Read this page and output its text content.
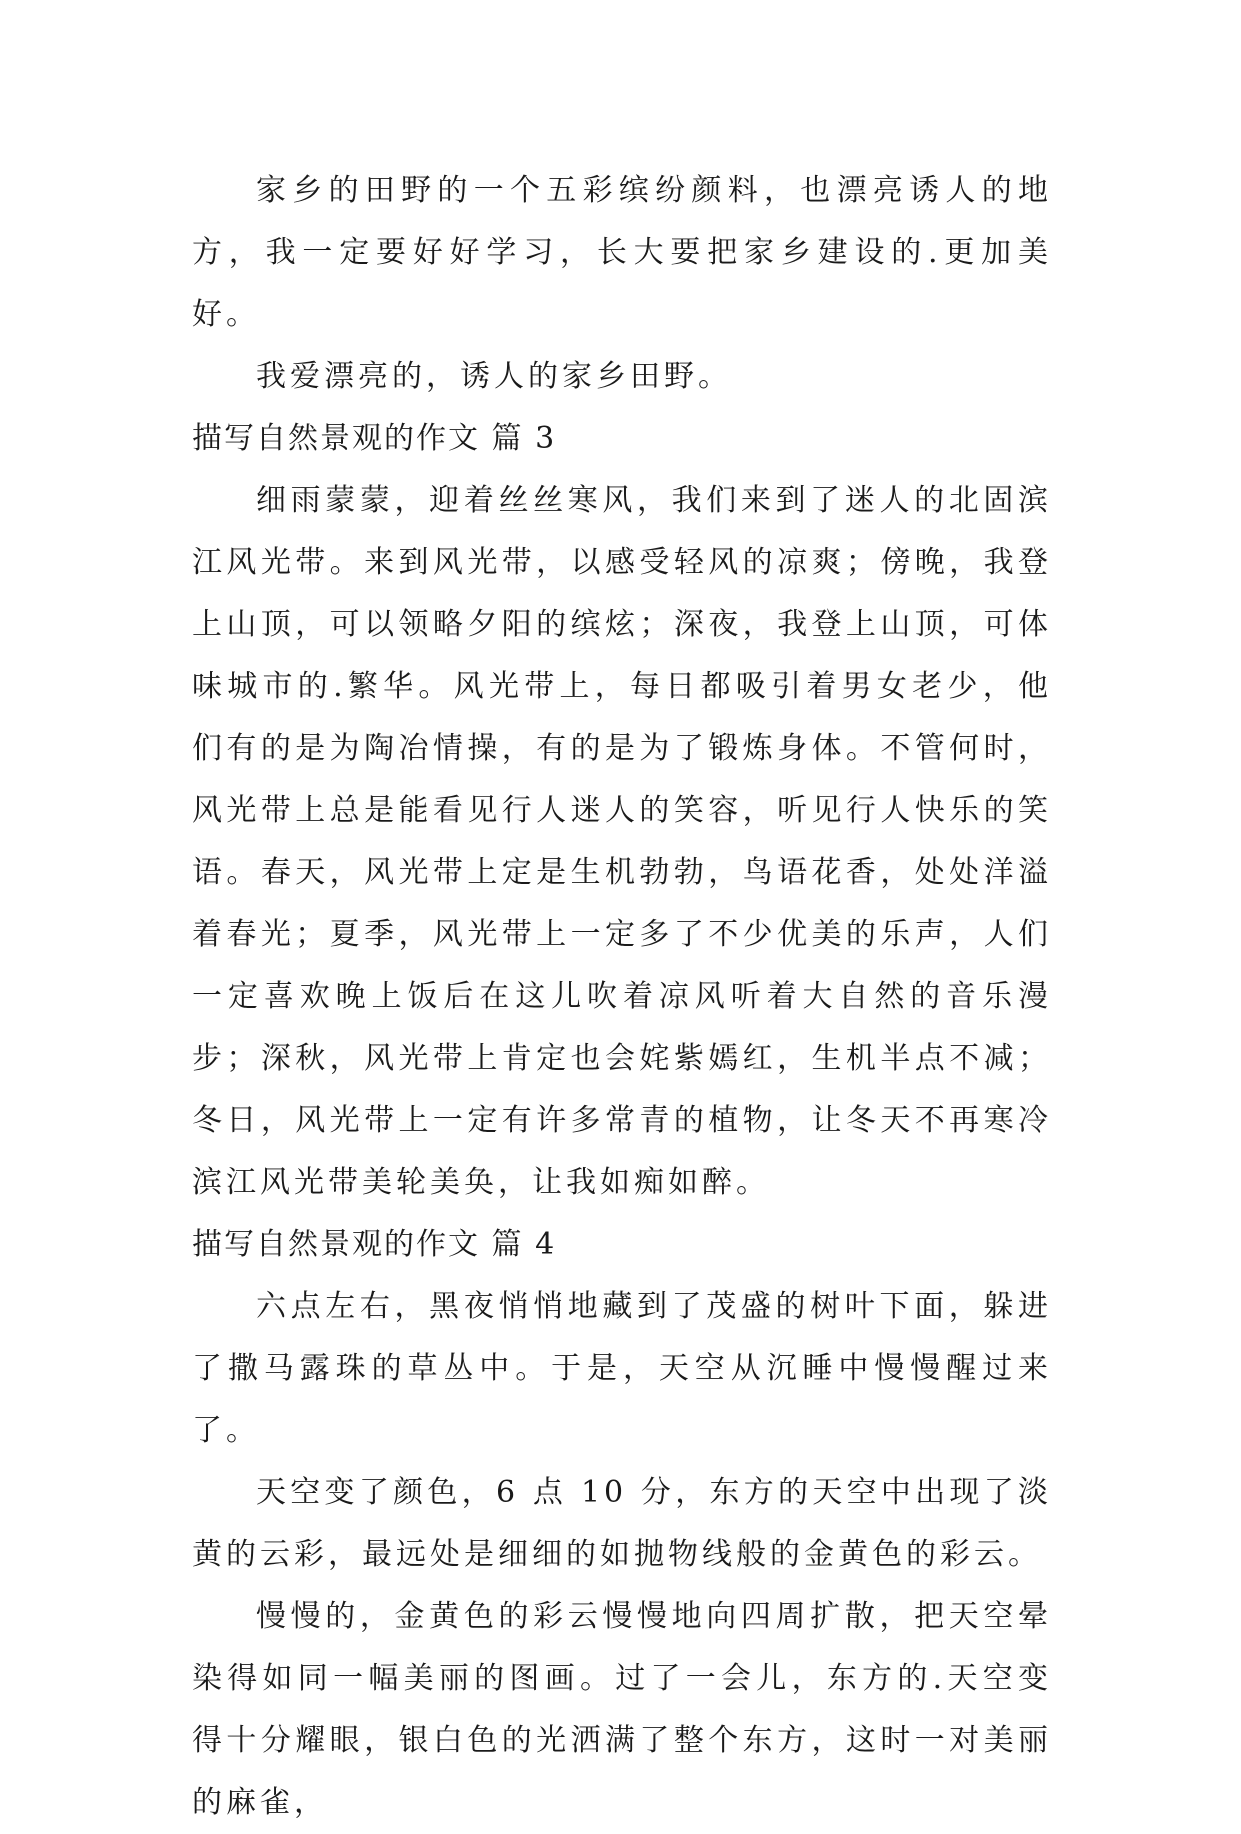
家乡的田野的一个五彩缤纷颜料，也漂亮诱人的地方，我一定要好好学习，长大要把家乡建设的.更加美好。

我爱漂亮的，诱人的家乡田野。

描写自然景观的作文 篇 3

细雨蒙蒙，迎着丝丝寒风，我们来到了迷人的北固滨江风光带。来到风光带，以感受轻风的凉爽；傍晚，我登上山顶，可以领略夕阳的缤炫；深夜，我登上山顶，可体味城市的.繁华。风光带上，每日都吸引着男女老少，他们有的是为陶冶情操，有的是为了锻炼身体。不管何时，风光带上总是能看见行人迷人的笑容，听见行人快乐的笑语。春天，风光带上定是生机勃勃，鸟语花香，处处洋溢着春光；夏季，风光带上一定多了不少优美的乐声，人们一定喜欢晚上饭后在这儿吹着凉风听着大自然的音乐漫步；深秋，风光带上肯定也会姹紫嫣红，生机半点不减；冬日，风光带上一定有许多常青的植物，让冬天不再寒冷滨江风光带美轮美奂，让我如痴如醉。

描写自然景观的作文 篇 4

六点左右，黑夜悄悄地藏到了茂盛的树叶下面，躲进了撒马露珠的草丛中。于是，天空从沉睡中慢慢醒过来了。

天空变了颜色，6 点 10 分，东方的天空中出现了淡黄的云彩，最远处是细细的如抛物线般的金黄色的彩云。

慢慢的，金黄色的彩云慢慢地向四周扩散，把天空晕染得如同一幅美丽的图画。过了一会儿，东方的.天空变得十分耀眼，银白色的光洒满了整个东方，这时一对美丽的麻雀，
